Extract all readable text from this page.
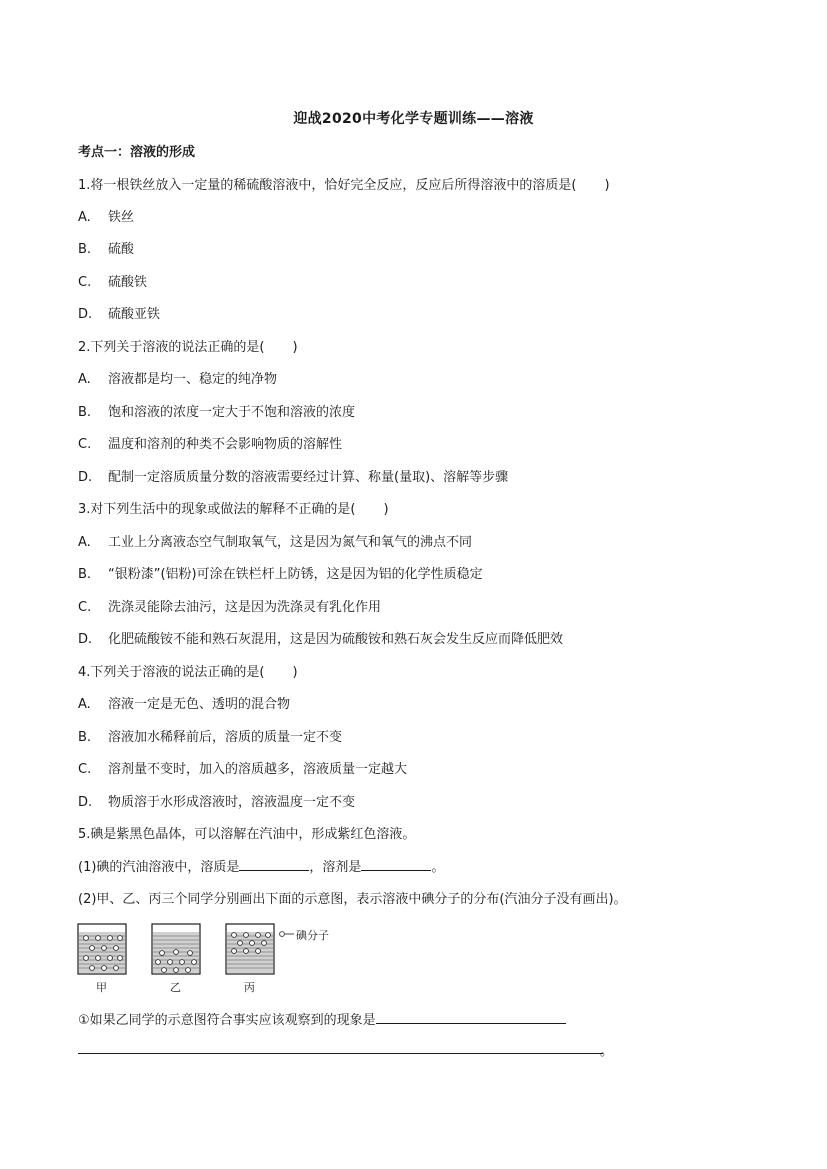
迎战2020中考化学专题训练——溶液
考点一：溶液的形成
1.将一根铁丝放入一定量的稀硫酸溶液中，恰好完全反应，反应后所得溶液中的溶质是( )
A. 铁丝
B. 硫酸
C. 硫酸铁
D. 硫酸亚铁
2.下列关于溶液的说法正确的是( )
A. 溶液都是均一、稳定的纯净物
B. 饱和溶液的浓度一定大于不饱和溶液的浓度
C. 温度和溶剂的种类不会影响物质的溶解性
D. 配制一定溶质质量分数的溶液需要经过计算、称量(量取)、溶解等步骤
3.对下列生活中的现象或做法的解释不正确的是( )
A. 工业上分离液态空气制取氧气，这是因为氮气和氧气的沸点不同
B. “银粉漆”(铝粉)可涂在铁栏杆上防锈，这是因为铝的化学性质稳定
C. 洗涤灵能除去油污，这是因为洗涤灵有乳化作用
D. 化肥硫酸铵不能和熟石灰混用，这是因为硫酸铵和熟石灰会发生反应而降低肥效
4.下列关于溶液的说法正确的是( )
A. 溶液一定是无色、透明的混合物
B. 溶液加水稀释前后，溶质的质量一定不变
C. 溶剂量不变时，加入的溶质越多，溶液质量一定越大
D. 物质溶于水形成溶液时，溶液温度一定不变
5.碘是紫黑色晶体，可以溶解在汽油中，形成紫红色溶液。
(1)碘的汽油溶液中，溶质是	，溶剂是	。
(2)甲、乙、丙三个同学分别画出下面的示意图，表示溶液中碘分子的分布(汽油分子没有画出)。
碘分子
甲	乙	丙
①如果乙同学的示意图符合事实应该观察到的现象是
。
